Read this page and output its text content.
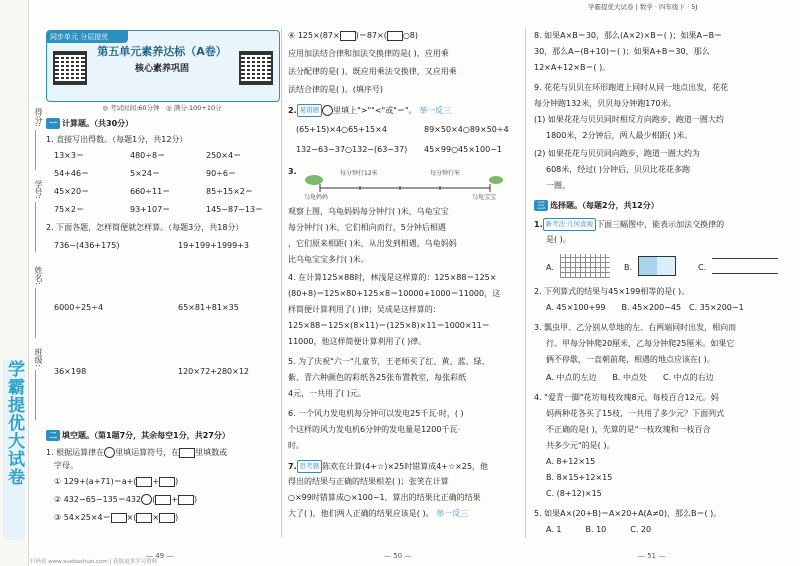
学霸提优大试卷
得分:
学号:
姓名:
班级:
同步单元 分层提优
第五单元素养达标（A卷）
核心素养巩固
◎ 考试时间:60分钟　◎ 满分:100+10分
一 计算题。（共30分）
1. 直接写出得数。（每题1分，共12分）
13×3＝	480÷8＝	250×4＝
54+46＝	5×24＝	90÷6＝
45×20＝	660÷11＝	85÷15×2＝
75×2＝	93+107＝	145−87−13＝
2. 下面各题，怎样简便就怎样算。（每题3分，共18分）
736−(436+175)	19+199+1999+3
6000÷25÷4	65×81+81×35
36×198	120×72+280×12
二 填空题。（第1题7分，其余每空1分，共27分）
1. 根据运算律在 里填运算符号，在 里填数或
字母。
① 129+(a+71)＝a+( + )
② 432−65−135＝432 ( + )
③ 54×25×4＝ ×( × )
— 49 —
扫码看 www.xuebashuzi.com | 获取更多学习资料
④ 125×(87× )＝87×( ○8)
应用加法结合律和加法交换律的是( )，应用乘
法分配律的是( )，既应用乘法交换律，又应用乘
法结合律的是( )。(填序号)
2. 易错题 里填上">""<"或"＝"。 举一反三
(65+15)×4○65+15×4	89×50×4○89×50÷4
132−63−37○132−(63−37) 45×99○45×100−1
3.	每分钟行12米	每分钟行米
乌龟妈妈	乌龟宝宝
观察上图，乌龟妈妈每分钟行( )米，乌龟宝宝
每分钟行( )米，它们相向而行，5分钟后相遇
，它们原来相距( )米，从出发到相遇，乌龟妈妈
比乌龟宝宝多行( )米。
4. 在计算125×88时，林浅是这样算的：125×88＝125×
(80+8)＝125×80+125×8＝10000+1000＝11000，这
样简便计算利用了( )律；吴成是这样算的：
125×88＝125×(8×11)＝(125×8)×11＝1000×11＝
11000，他这样简便计算利用了( )律。
5. 为了庆祝"六一"儿童节，王老师买了红、黄、蓝、绿、
紫、青六种颜色的彩纸各25张布置教室，每张彩纸
4元，一共用了( )元。
6. 一个风力发电机每分钟可以发电25千瓦·时，( )
个这样的风力发电机6分钟的发电量是1200千瓦·
时。
7. 思考题 陈欢在计算(4+☆)×25时错算成4+☆×25，他
得出的结果与正确的结果相差( )；张笑在计算
○×99时错算成○×100−1，算出的结果比正确的结果
大了( )，他们两人正确的结果应该是( )。 举一反三
— 50 —
学霸提优大试卷 | 数学 · 四年级下 · 5J
8. 如果A×B＝30，那么(A×2)×B＝( )；如果A−B＝
30，那么A−(B+10)＝( )；如果A+B＝30，那么
12×A+12×B＝( )。
9. 花花与贝贝在环形跑道上同时从同一地点出发，花花
每分钟跑132米，贝贝每分钟跑170米。
(1) 如果花花与贝贝同时相反方向跑步，跑道一圈大约
1800米，2分钟后，两人最少相距( )米。
(2) 如果花花与贝贝同向跑步，跑道一圈大约为
608米，经过( )分钟后，贝贝比花花多跑
一圈。
三 选择题。（每题2分，共12分）
1. 新考法·几何直观 下面三幅图中，能表示加法交换律的
是( )。
A.	B.	C.
2. 下列算式的结果与45×199相等的是( )。
A. 45×100+99　　B. 45×200−45　C. 35×200−1
3. 瓢虫甲、乙分别从草地的左、右两端同时出发，相向而
行。甲每分钟爬20厘米，乙每分钟爬25厘米。如果它
俩不停歇，一直朝前爬，相遇的地点应该在( )。
A. 中点的左边　　B. 中点处　　C. 中点的右边
4. "爱青一脚"花坊每枝玫瑰8元，每枝百合12元。妈
妈两种花各买了15枝，一共用了多少元？下面列式
不正确的是( )，先算的是"一枝玫瑰和一枝百合
共多少元"的是( )。
A. 8+12×15
B. 8×15+12×15
C. (8+12)×15
5. 如果A×(20+B)＝A×20+A(A≠0)，那么B＝( )。
A. 1　　　B. 10　　　C. 20
— 51 —
